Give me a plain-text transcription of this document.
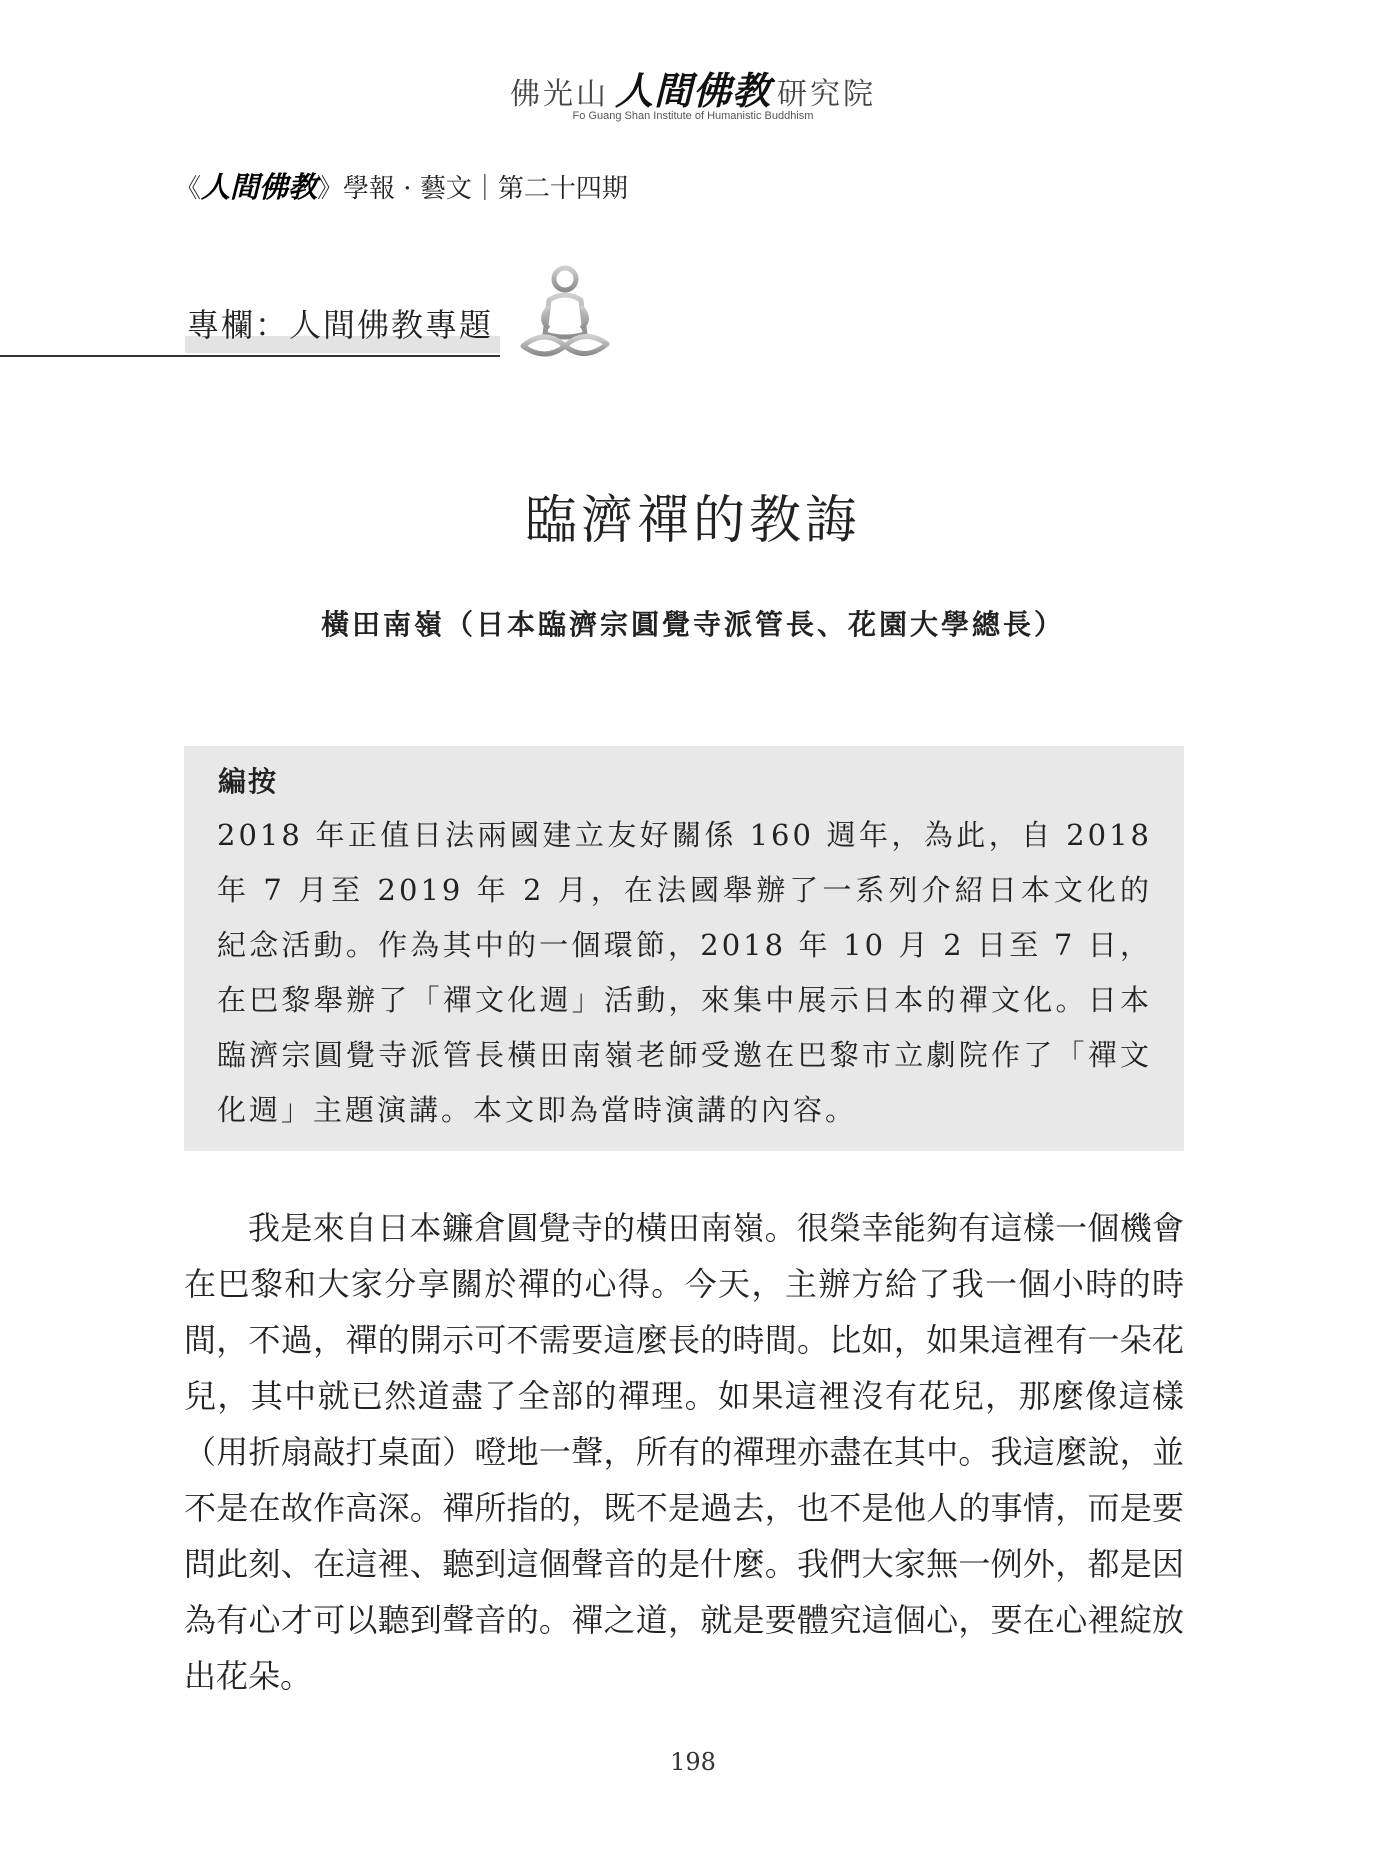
佛光山 人間佛教 研究院
Fo Guang Shan Institute of Humanistic Buddhism
《人間佛教》學報 · 藝文｜第二十四期
專欄：人間佛教專題
臨濟禪的教誨
橫田南嶺（日本臨濟宗圓覺寺派管長、花園大學總長）
編按
2018 年正值日法兩國建立友好關係 160 週年，為此，自 2018 年 7 月至 2019 年 2 月，在法國舉辦了一系列介紹日本文化的紀念活動。作為其中的一個環節，2018 年 10 月 2 日至 7 日，在巴黎舉辦了「禪文化週」活動，來集中展示日本的禪文化。日本臨濟宗圓覺寺派管長橫田南嶺老師受邀在巴黎市立劇院作了「禪文化週」主題演講。本文即為當時演講的內容。

我是來自日本鐮倉圓覺寺的橫田南嶺。很榮幸能夠有這樣一個機會在巴黎和大家分享關於禪的心得。今天，主辦方給了我一個小時的時間，不過，禪的開示可不需要這麼長的時間。比如，如果這裡有一朵花兒，其中就已然道盡了全部的禪理。如果這裡沒有花兒，那麼像這樣（用折扇敲打桌面）噔地一聲，所有的禪理亦盡在其中。我這麼說，並不是在故作高深。禪所指的，既不是過去，也不是他人的事情，而是要問此刻、在這裡、聽到這個聲音的是什麼。我們大家無一例外，都是因為有心才可以聽到聲音的。禪之道，就是要體究這個心，要在心裡綻放出花朵。

198
